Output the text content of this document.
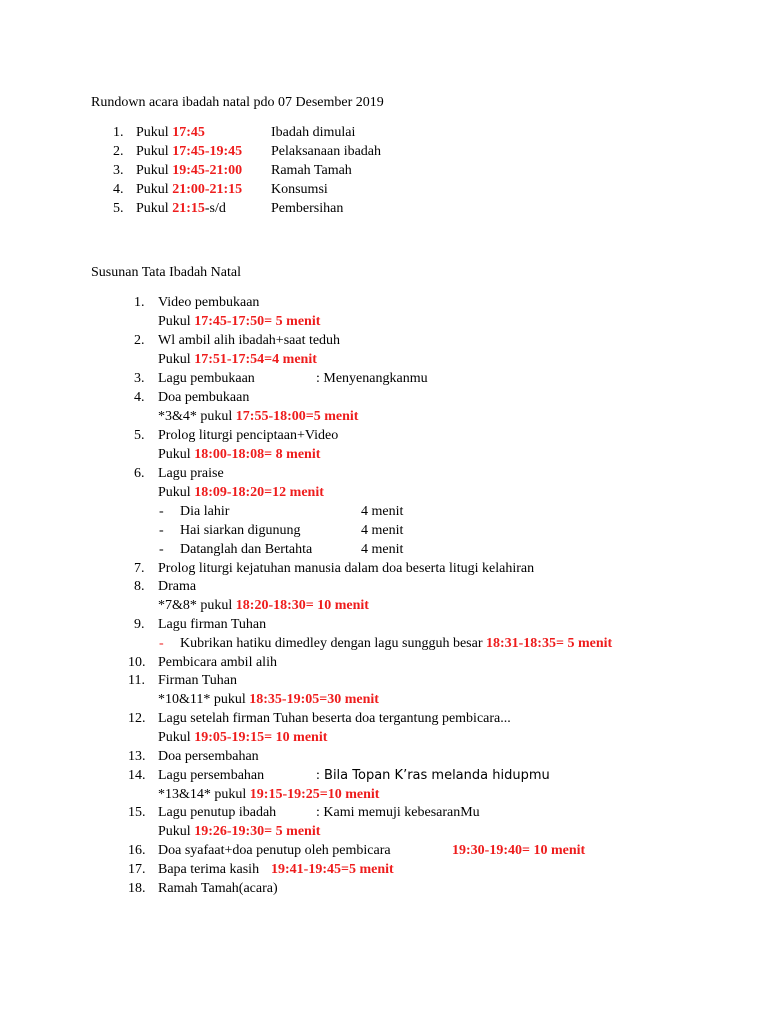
Rundown acara ibadah natal pdo 07 Desember 2019
1. Pukul 17:45	Ibadah dimulai
2. Pukul 17:45-19:45 Pelaksanaan ibadah
3. Pukul 19:45-21:00 Ramah Tamah
4. Pukul 21:00-21:15 Konsumsi
5. Pukul 21:15-s/d	Pembersihan
Susunan Tata Ibadah Natal
1. Video pembukaan
Pukul 17:45-17:50= 5 menit
2. Wl ambil alih ibadah+saat teduh
Pukul 17:51-17:54=4 menit
3. Lagu pembukaan	: Menyenangkanmu
4. Doa pembukaan
*3&4* pukul 17:55-18:00=5 menit
5. Prolog liturgi penciptaan+Video
Pukul 18:00-18:08= 8 menit
6. Lagu praise
Pukul 18:09-18:20=12 menit
- Dia lahir	4 menit
- Hai siarkan digunung	4 menit
- Datanglah dan Bertahta	4 menit
7. Prolog liturgi kejatuhan manusia dalam doa beserta litugi kelahiran
8. Drama
*7&8* pukul 18:20-18:30= 10 menit
9. Lagu firman Tuhan
- Kubrikan hatiku dimedley dengan lagu sungguh besar 18:31-18:35= 5 menit
10. Pembicara ambil alih
11. Firman Tuhan
*10&11* pukul 18:35-19:05=30 menit
12. Lagu setelah firman Tuhan beserta doa tergantung pembicara...
Pukul 19:05-19:15= 10 menit
13. Doa persembahan
14. Lagu persembahan	: Bila Topan K’ras melanda hidupmu
*13&14* pukul 19:15-19:25=10 menit
15. Lagu penutup ibadah	: Kami memuji kebesaranMu
Pukul 19:26-19:30= 5 menit
16. Doa syafaat+doa penutup oleh pembicara	19:30-19:40= 10 menit
17. Bapa terima kasih 19:41-19:45=5 menit
18. Ramah Tamah(acara)
